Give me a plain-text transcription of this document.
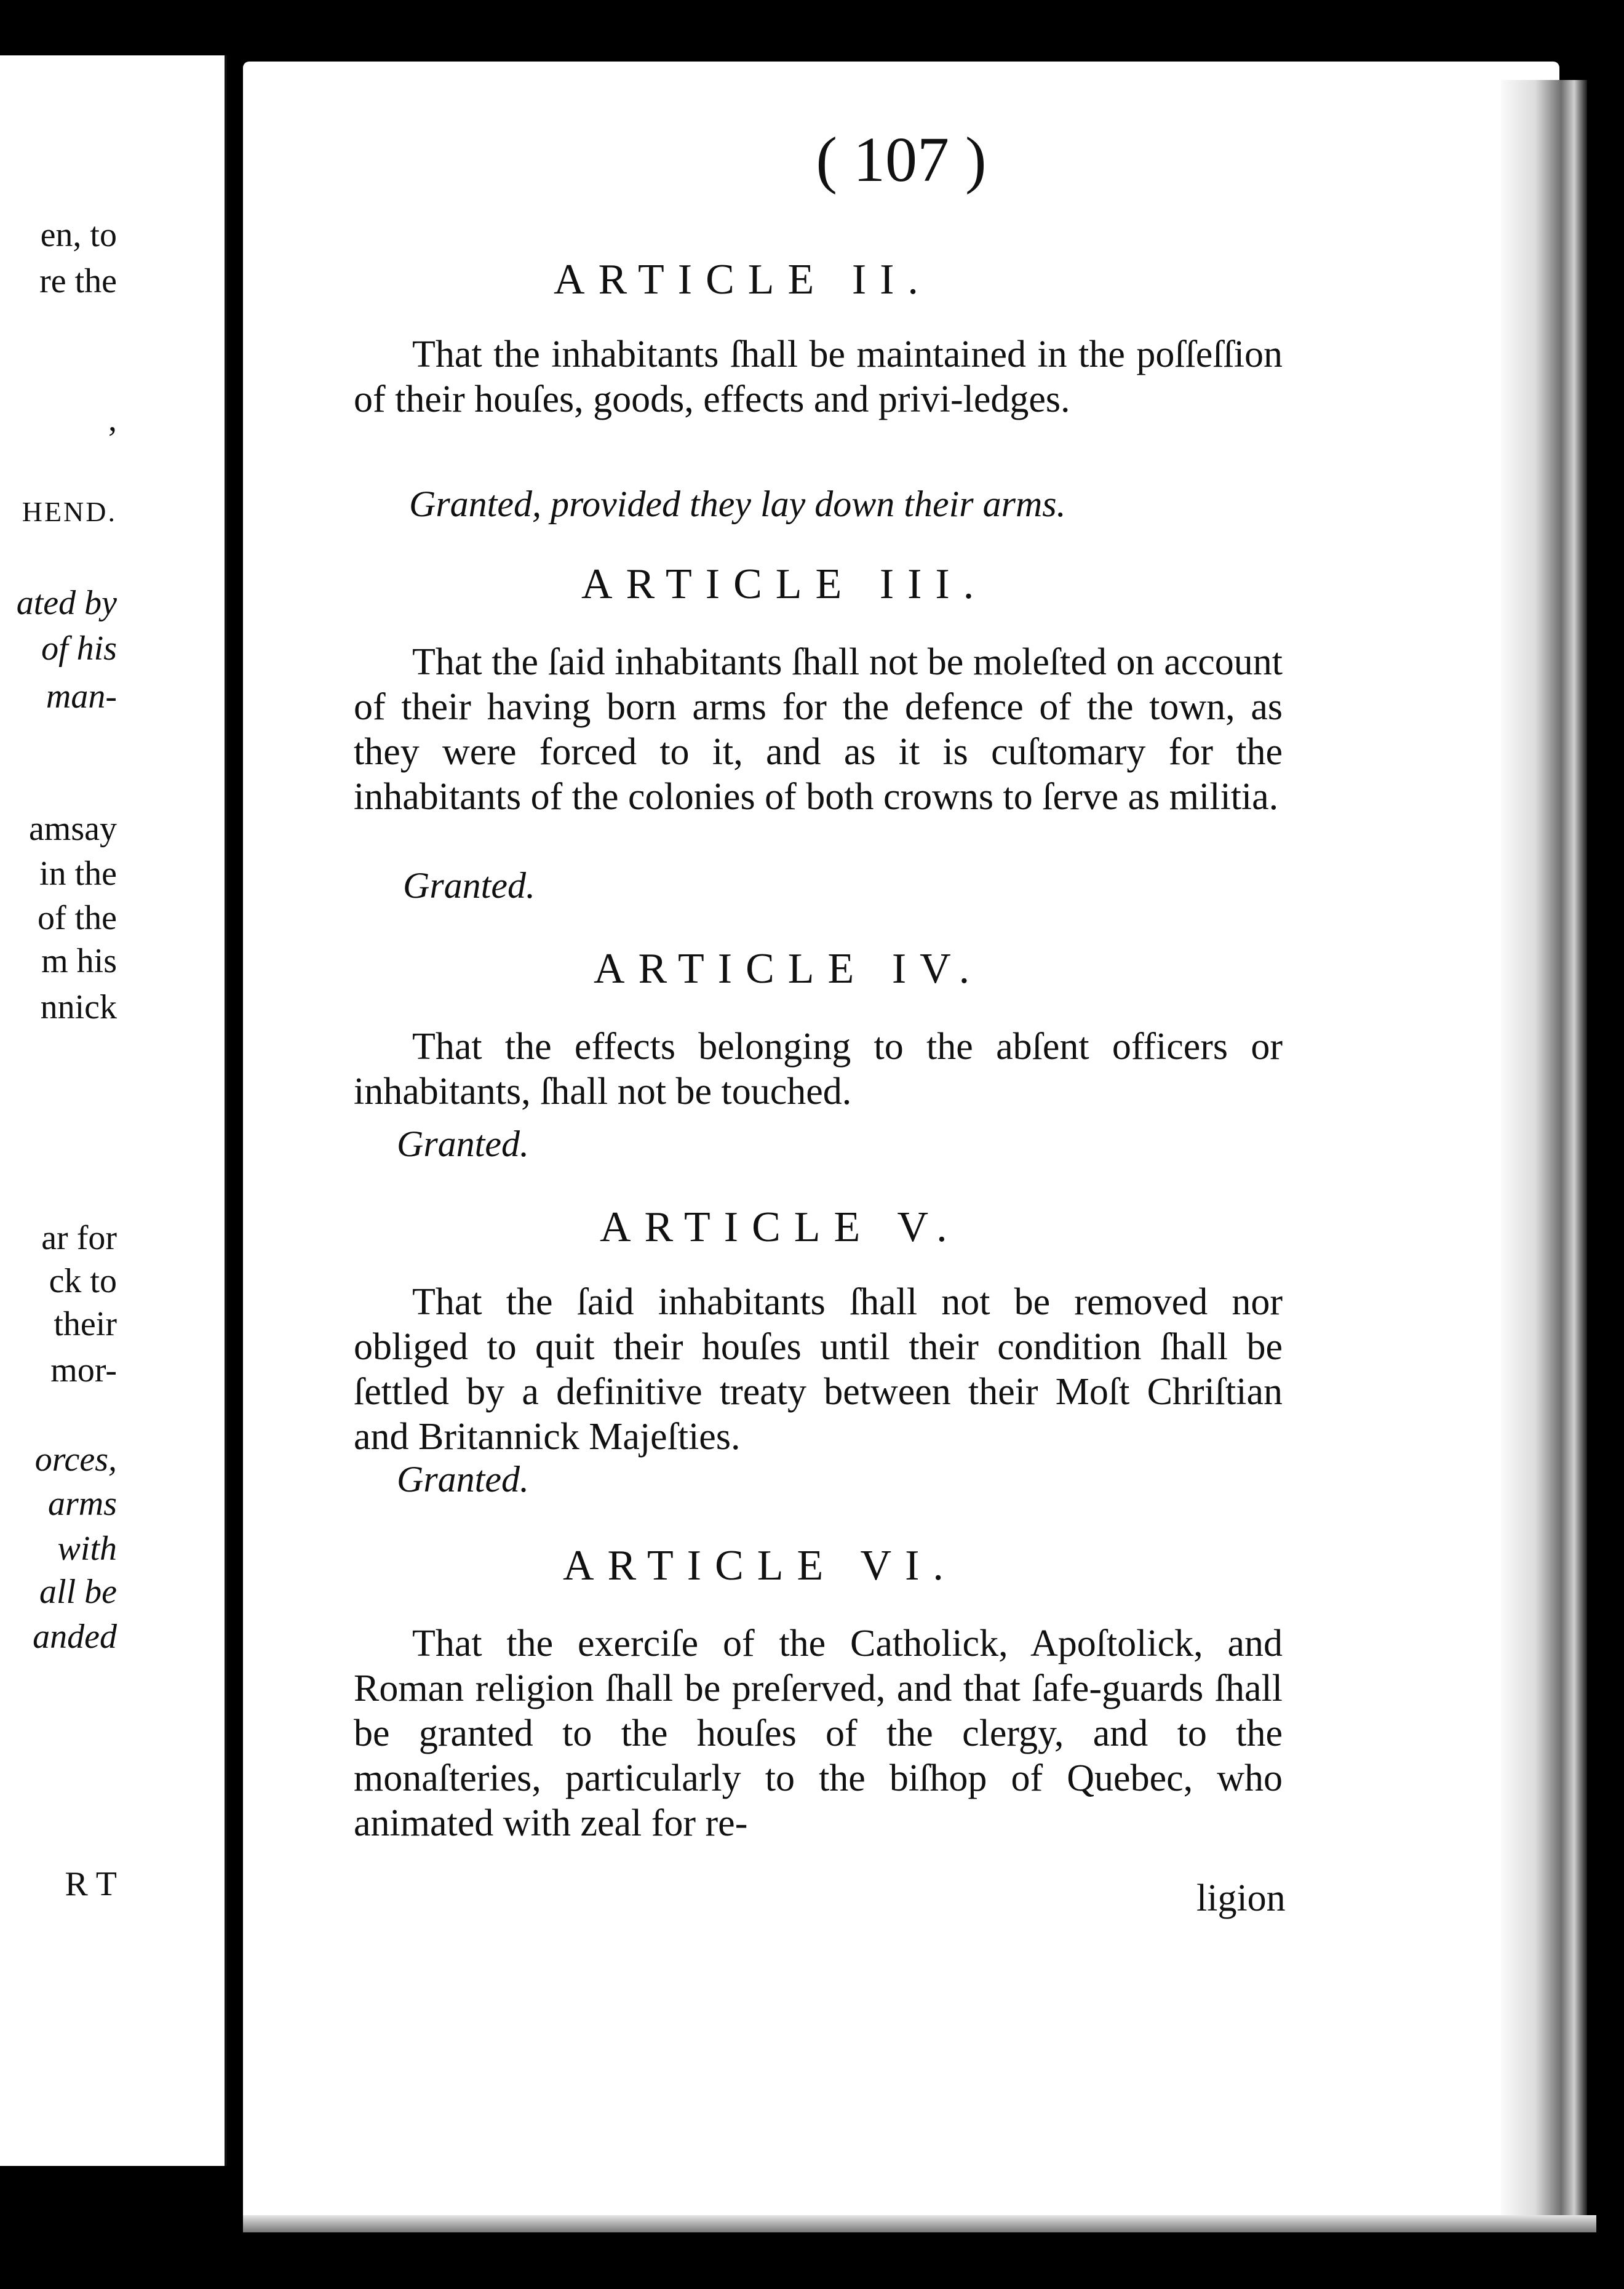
en, to
re the
,
HEND.
ated by
of his
man-
amsay
in the
of the
m his
nnick
ar for
ck to
their
mor-
orces,
arms
with
all be
anded
R T
( 107 )
ARTICLE II.

That the inhabitants ſhall be maintained in the poſſeſſion of their houſes, goods, effects and privi-ledges.

Granted, provided they lay down their arms.
ARTICLE III.

That the ſaid inhabitants ſhall not be moleſted on account of their having born arms for the defence of the town, as they were forced to it, and as it is cuſtomary for the inhabitants of the colonies of both crowns to ſerve as militia.

Granted.
ARTICLE IV.

That the effects belonging to the abſent officers or inhabitants, ſhall not be touched.

Granted.
ARTICLE V.

That the ſaid inhabitants ſhall not be removed nor obliged to quit their houſes until their condition ſhall be ſettled by a definitive treaty between their Moſt Chriſtian and Britannick Majeſties.

Granted.
ARTICLE VI.

That the exerciſe of the Catholick, Apoſtolick, and Roman religion ſhall be preſerved, and that ſafe-guards ſhall be granted to the houſes of the clergy, and to the monaſteries, particularly to the biſhop of Quebec, who animated with zeal for re-

ligion
